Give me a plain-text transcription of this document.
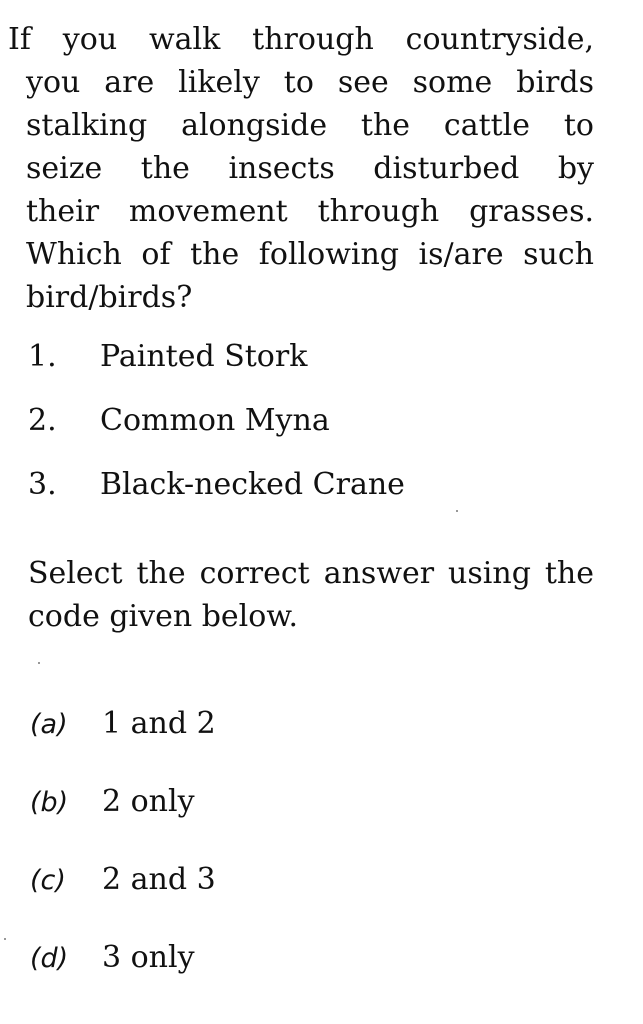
If you walk through countryside,
you are likely to see some birds
stalking alongside the cattle to
seize the insects disturbed by
their movement through grasses.
Which of the following is/are such
bird/birds?
1. Painted Stork
2. Common Myna
3. Black-necked Crane
Select the correct answer using the
code given below.
(a) 1 and 2
(b) 2 only
(c) 2 and 3
(d) 3 only
